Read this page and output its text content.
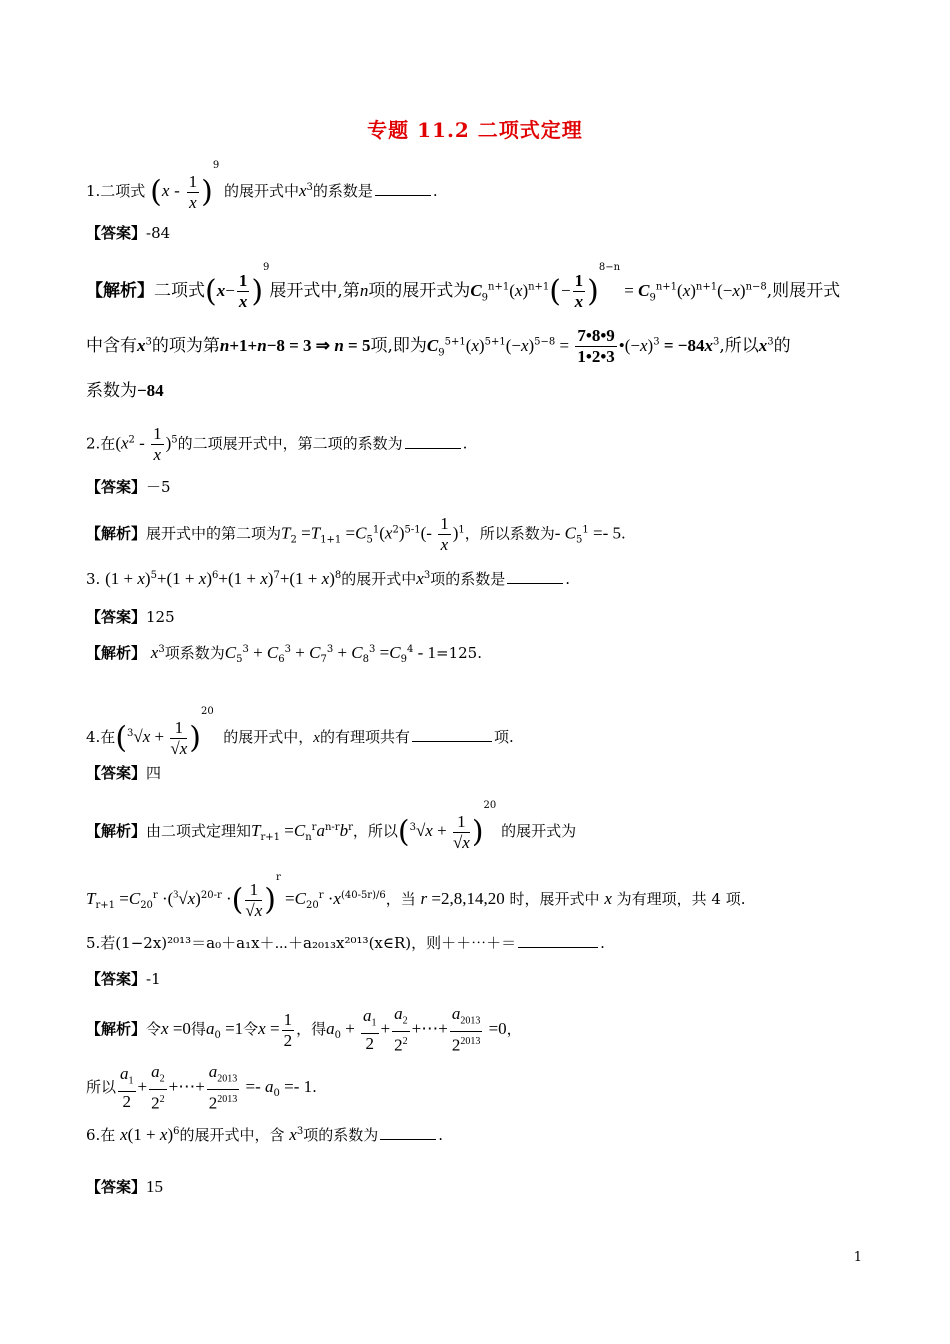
专题 11.2 二项式定理
1.二项式 $(x - \frac{1}{x} )^9$ 的展开式中$x^3$的系数是	.
【答案】-84
【解析】二项式$(x- \frac{1}{x} )^9$展开式中,第n项的展开式为$C_9^{n+1}(x)^{n+1}(- \frac{1}{x} )^{8-n} = C_9^{n+1}(x)^{n+1}(-x)^{n-8}$,则展开式
中含有$x^3$的项为第n+1+n−8 = 3 ⇒ n = 5项,即为$C_9^{5+1}(x)^{5+1}(-x)^{5-8} = \frac{7•8•9}{1•2•3}$ $•(-x)^3 = -84x^3$,所以$x^3$的
系数为−84
2.在$(x^2 - \frac{1}{x} )^5$的二项展开式中，第二项的系数为	.
【答案】－5
【解析】展开式中的第二项为$T_2 =T_{1+1} =C_5^1(x^2)^{5-1}(- \frac{1}{x} )^1$，所以系数为- $C_5^1 =- 5$.
3. $(1 + x)^5+(1 + x)^6+(1 + x)^7+(1 + x)^8$的展开式中$x^3$项的系数是	.
【答案】125
【解析】 $x^3$项系数为$C_5^3 + C_6^3 + C_7^3 + C_8^3 =C_9^4 - 1=125$.
4.在$(^3√x + \frac{1}{√x} )^{20}$  的展开式中，x的有理项共有	项.
【答案】四
【解析】由二项式定理知$T_{r+1} =C_n^ra^{n-r}b^r$，所以$(^3√x + \frac{1}{√x} )^{20}$ 的展开式为
$T_{r+1} =C_{20}^r \cdot(^3√x)^{20-r}$ ·( $\frac{1}{√x} )^r =C_{20}^r \cdot x^{(40-5r)/6}$，当 r =2,8,14,20 时，展开式中 x 为有理项，共 4 项.
5.若(1−2x)²⁰¹³＝a₀＋a₁x＋⋯＋a₂₀₁₃x²⁰¹³(x∈R)，则＋＋⋯＋＝	.
【答案】-1
【解析】令x =0得$a_0 =1$令$x = \frac{1}{2}$ ，得$a_0 + \frac{a_1}{2} + \frac{a_2}{2^2}$ +⋯+ $\frac{a_{2013}}{2^{2013}} =0$，
所以 $\frac{a_1}{2} + \frac{a_2}{2^2}$ +⋯+ $\frac{a_{2013}}{2^{2013}} =- a_0 =- 1$.
6.在 $x(1 + x)^6$的展开式中，含 $x^3$项的系数为	.
【答案】15
1
